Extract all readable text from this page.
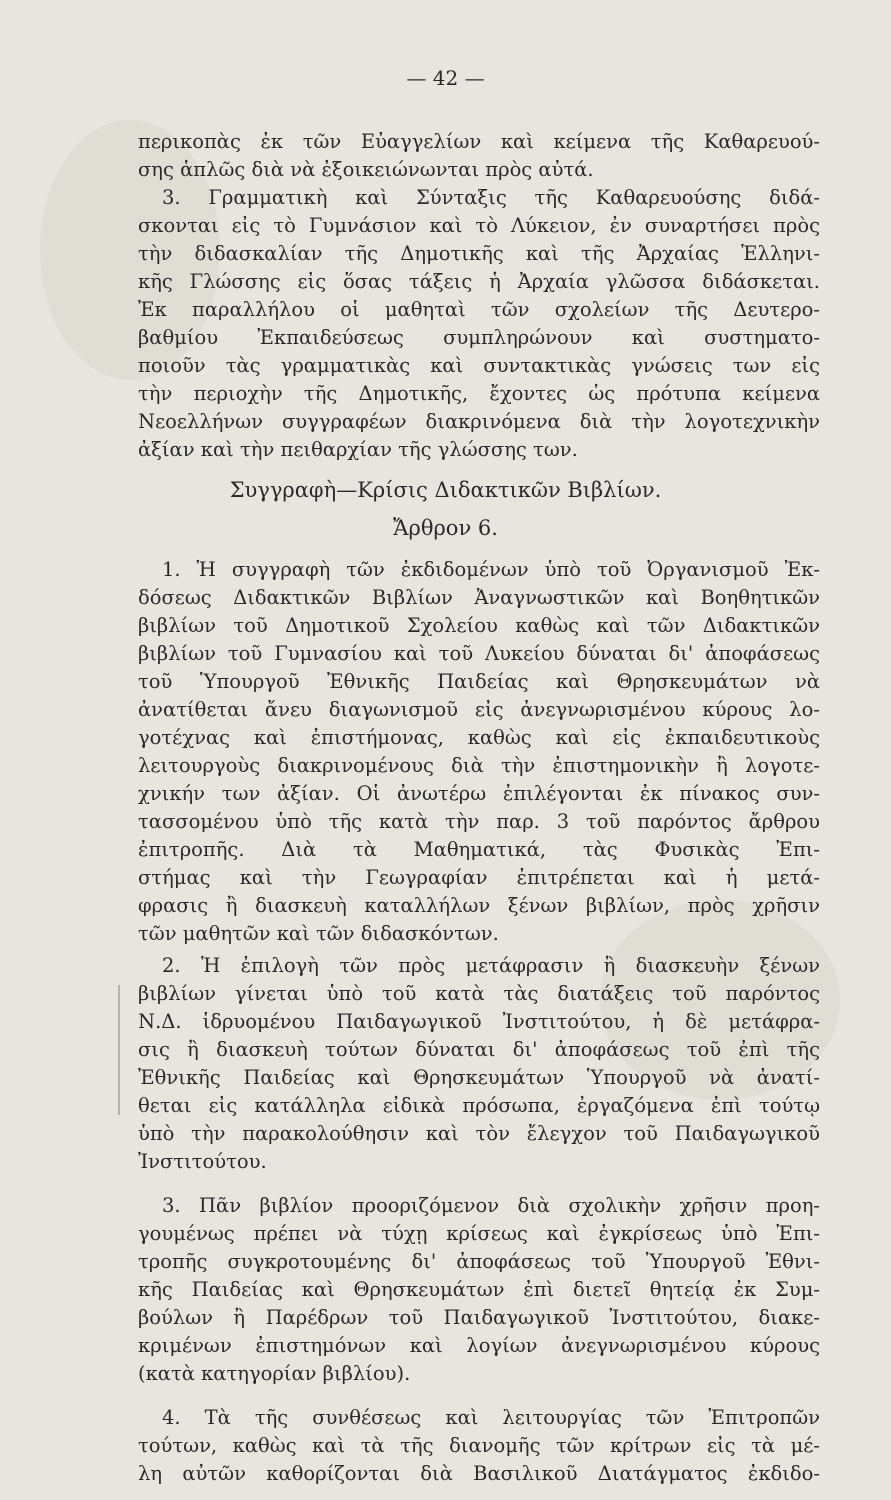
— 42 —
περικοπὰς ἐκ τῶν Εὐαγγελίων καὶ κείμενα τῆς Καθαρευού-
σης ἁπλῶς διὰ νὰ ἐξοικειώνωνται πρὸς αὐτά.
3. Γραμματικὴ καὶ Σύνταξις τῆς Καθαρευούσης διδά-
σκονται εἰς τὸ Γυμνάσιον καὶ τὸ Λύκειον, ἐν συναρτήσει πρὸς
τὴν διδασκαλίαν τῆς Δημοτικῆς καὶ τῆς Ἀρχαίας Ἑλληνι-
κῆς Γλώσσης εἰς ὅσας τάξεις ἡ Ἀρχαία γλῶσσα διδάσκεται.
Ἐκ παραλλήλου οἱ μαθηταὶ τῶν σχολείων τῆς Δευτερο-
βαθμίου Ἐκπαιδεύσεως συμπληρώνουν καὶ συστηματο-
ποιοῦν τὰς γραμματικὰς καὶ συντακτικὰς γνώσεις των εἰς
τὴν περιοχὴν τῆς Δημοτικῆς, ἔχοντες ὡς πρότυπα κείμενα
Νεοελλήνων συγγραφέων διακρινόμενα διὰ τὴν λογοτεχνικὴν
ἀξίαν καὶ τὴν πειθαρχίαν τῆς γλώσσης των.
Συγγραφὴ—Κρίσις Διδακτικῶν Βιβλίων.
Ἄρθρον 6.
1. Ἡ συγγραφὴ τῶν ἐκδιδομένων ὑπὸ τοῦ Ὀργανισμοῦ Ἐκ-
δόσεως Διδακτικῶν Βιβλίων Ἀναγνωστικῶν καὶ Βοηθητικῶν
βιβλίων τοῦ Δημοτικοῦ Σχολείου καθὼς καὶ τῶν Διδακτικῶν
βιβλίων τοῦ Γυμνασίου καὶ τοῦ Λυκείου δύναται δι' ἀποφάσεως
τοῦ Ὑπουργοῦ Ἐθνικῆς Παιδείας καὶ Θρησκευμάτων νὰ
ἀνατίθεται ἄνευ διαγωνισμοῦ εἰς ἀνεγνωρισμένου κύρους λο-
γοτέχνας καὶ ἐπιστήμονας, καθὼς καὶ εἰς ἐκπαιδευτικοὺς
λειτουργοὺς διακρινομένους διὰ τὴν ἐπιστημονικὴν ἢ λογοτε-
χνικήν των ἀξίαν. Οἱ ἀνωτέρω ἐπιλέγονται ἐκ πίνακος συν-
τασσομένου ὑπὸ τῆς κατὰ τὴν παρ. 3 τοῦ παρόντος ἄρθρου
ἐπιτροπῆς. Διὰ τὰ Μαθηματικά, τὰς Φυσικὰς Ἐπι-
στήμας καὶ τὴν Γεωγραφίαν ἐπιτρέπεται καὶ ἡ μετά-
φρασις ἢ διασκευὴ καταλλήλων ξένων βιβλίων, πρὸς χρῆσιν
τῶν μαθητῶν καὶ τῶν διδασκόντων.
2. Ἡ ἐπιλογὴ τῶν πρὸς μετάφρασιν ἢ διασκευὴν ξένων
βιβλίων γίνεται ὑπὸ τοῦ κατὰ τὰς διατάξεις τοῦ παρόντος
Ν.Δ. ἱδρυομένου Παιδαγωγικοῦ Ἰνστιτούτου, ἡ δὲ μετάφρα-
σις ἢ διασκευὴ τούτων δύναται δι' ἀποφάσεως τοῦ ἐπὶ τῆς
Ἐθνικῆς Παιδείας καὶ Θρησκευμάτων Ὑπουργοῦ νὰ ἀνατί-
θεται εἰς κατάλληλα εἰδικὰ πρόσωπα, ἐργαζόμενα ἐπὶ τούτῳ
ὑπὸ τὴν παρακολούθησιν καὶ τὸν ἔλεγχον τοῦ Παιδαγωγικοῦ
Ἰνστιτούτου.
3. Πᾶν βιβλίον προοριζόμενον διὰ σχολικὴν χρῆσιν προη-
γουμένως πρέπει νὰ τύχῃ κρίσεως καὶ ἐγκρίσεως ὑπὸ Ἐπι-
τροπῆς συγκροτουμένης δι' ἀποφάσεως τοῦ Ὑπουργοῦ Ἐθνι-
κῆς Παιδείας καὶ Θρησκευμάτων ἐπὶ διετεῖ θητείᾳ ἐκ Συμ-
βούλων ἢ Παρέδρων τοῦ Παιδαγωγικοῦ Ἰνστιτούτου, διακε-
κριμένων ἐπιστημόνων καὶ λογίων ἀνεγνωρισμένου κύρους
(κατὰ κατηγορίαν βιβλίου).
4. Τὰ τῆς συνθέσεως καὶ λειτουργίας τῶν Ἐπιτροπῶν
τούτων, καθὼς καὶ τὰ τῆς διανομῆς τῶν κρίτρων εἰς τὰ μέ-
λη αὐτῶν καθορίζονται διὰ Βασιλικοῦ Διατάγματος ἐκδιδο-
